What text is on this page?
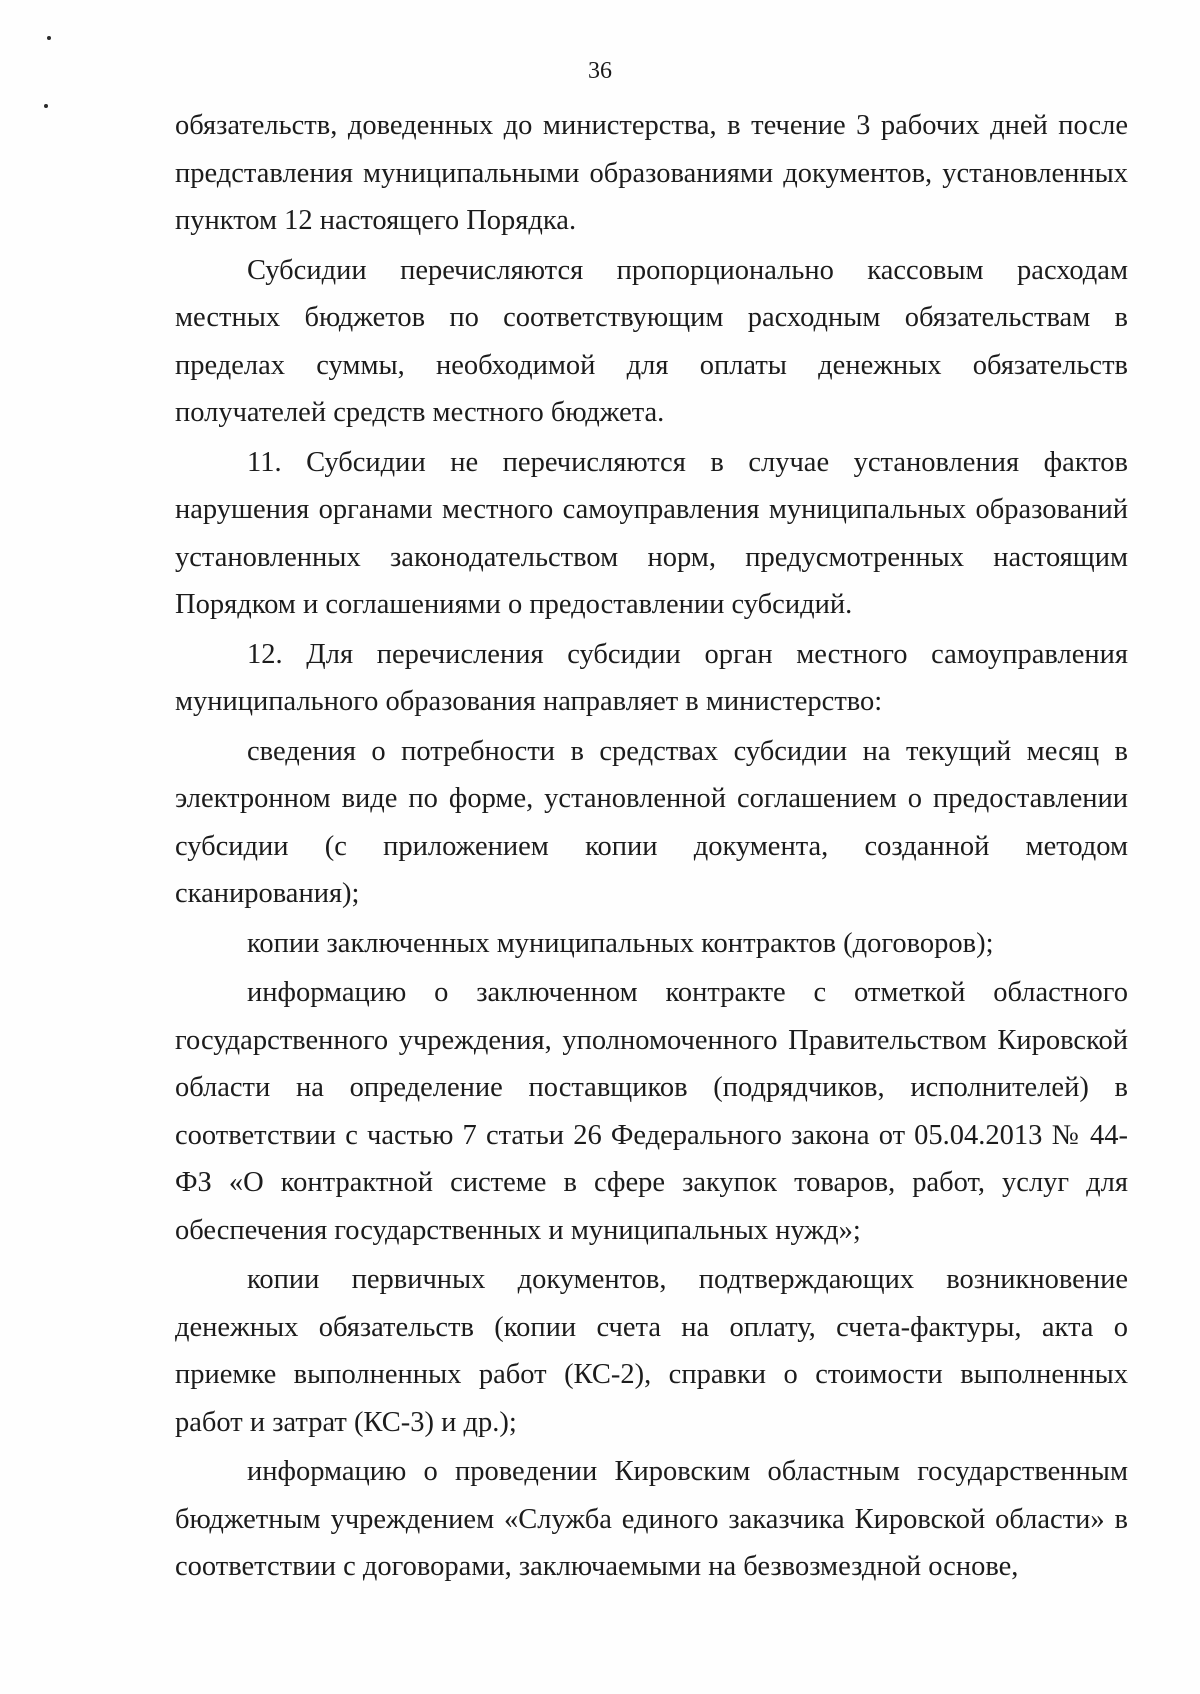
36

обязательств, доведенных до министерства, в течение 3 рабочих дней после представления муниципальными образованиями документов, установленных пунктом 12 настоящего Порядка.

Субсидии перечисляются пропорционально кассовым расходам местных бюджетов по соответствующим расходным обязательствам в пределах суммы, необходимой для оплаты денежных обязательств получателей средств местного бюджета.

11. Субсидии не перечисляются в случае установления фактов нарушения органами местного самоуправления муниципальных образований установленных законодательством норм, предусмотренных настоящим Порядком и соглашениями о предоставлении субсидий.

12. Для перечисления субсидии орган местного самоуправления муниципального образования направляет в министерство:

сведения о потребности в средствах субсидии на текущий месяц в электронном виде по форме, установленной соглашением о предоставлении субсидии (с приложением копии документа, созданной методом сканирования);

копии заключенных муниципальных контрактов (договоров);

информацию о заключенном контракте с отметкой областного государственного учреждения, уполномоченного Правительством Кировской области на определение поставщиков (подрядчиков, исполнителей) в соответствии с частью 7 статьи 26 Федерального закона от 05.04.2013 № 44-ФЗ «О контрактной системе в сфере закупок товаров, работ, услуг для обеспечения государственных и муниципальных нужд»;

копии первичных документов, подтверждающих возникновение денежных обязательств (копии счета на оплату, счета-фактуры, акта о приемке выполненных работ (КС-2), справки о стоимости выполненных работ и затрат (КС-3) и др.);

информацию о проведении Кировским областным государственным бюджетным учреждением «Служба единого заказчика Кировской области» в соответствии с договорами, заключаемыми на безвозмездной основе,
